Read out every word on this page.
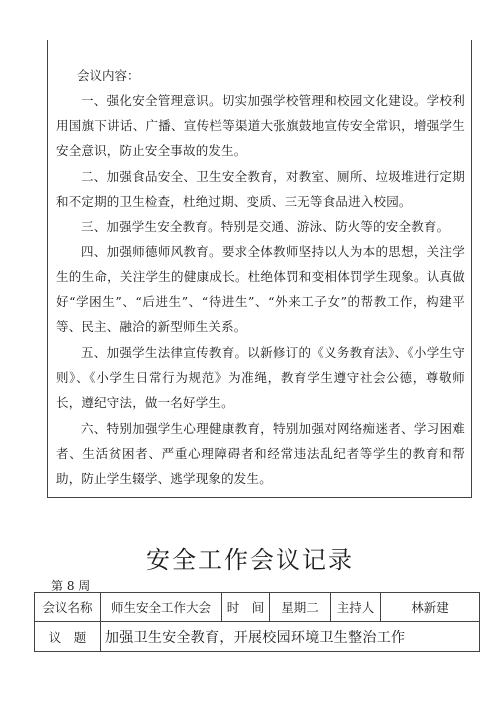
会议内容：

一、强化安全管理意识。切实加强学校管理和校园文化建设。学校利用国旗下讲话、广播、宣传栏等渠道大张旗鼓地宣传安全常识，增强学生安全意识，防止安全事故的发生。

二、加强食品安全、卫生安全教育，对教室、厕所、垃圾堆进行定期和不定期的卫生检查，杜绝过期、变质、三无等食品进入校园。

三、加强学生安全教育。特别是交通、游泳、防火等的安全教育。

四、加强师德师风教育。要求全体教师坚持以人为本的思想，关注学生的生命，关注学生的健康成长。杜绝体罚和变相体罚学生现象。认真做好“学困生”、“后进生”、“待进生”、“外来工子女”的帮教工作，构建平等、民主、融洽的新型师生关系。

五、加强学生法律宣传教育。以新修订的《义务教育法》、《小学生守则》、《小学生日常行为规范》为准绳，教育学生遵守社会公德，尊敬师长，遵纪守法，做一名好学生。

六、特别加强学生心理健康教育，特别加强对网络痴迷者、学习困难者、生活贫困者、严重心理障碍者和经常违法乱纪者等学生的教育和帮助，防止学生辍学、逃学现象的发生。

安全工作会议记录
第 8 周
会议名称	师生安全工作大会	时　间	星期二	主持人	林新建
议　题	加强卫生安全教育，开展校园环境卫生整治工作				
